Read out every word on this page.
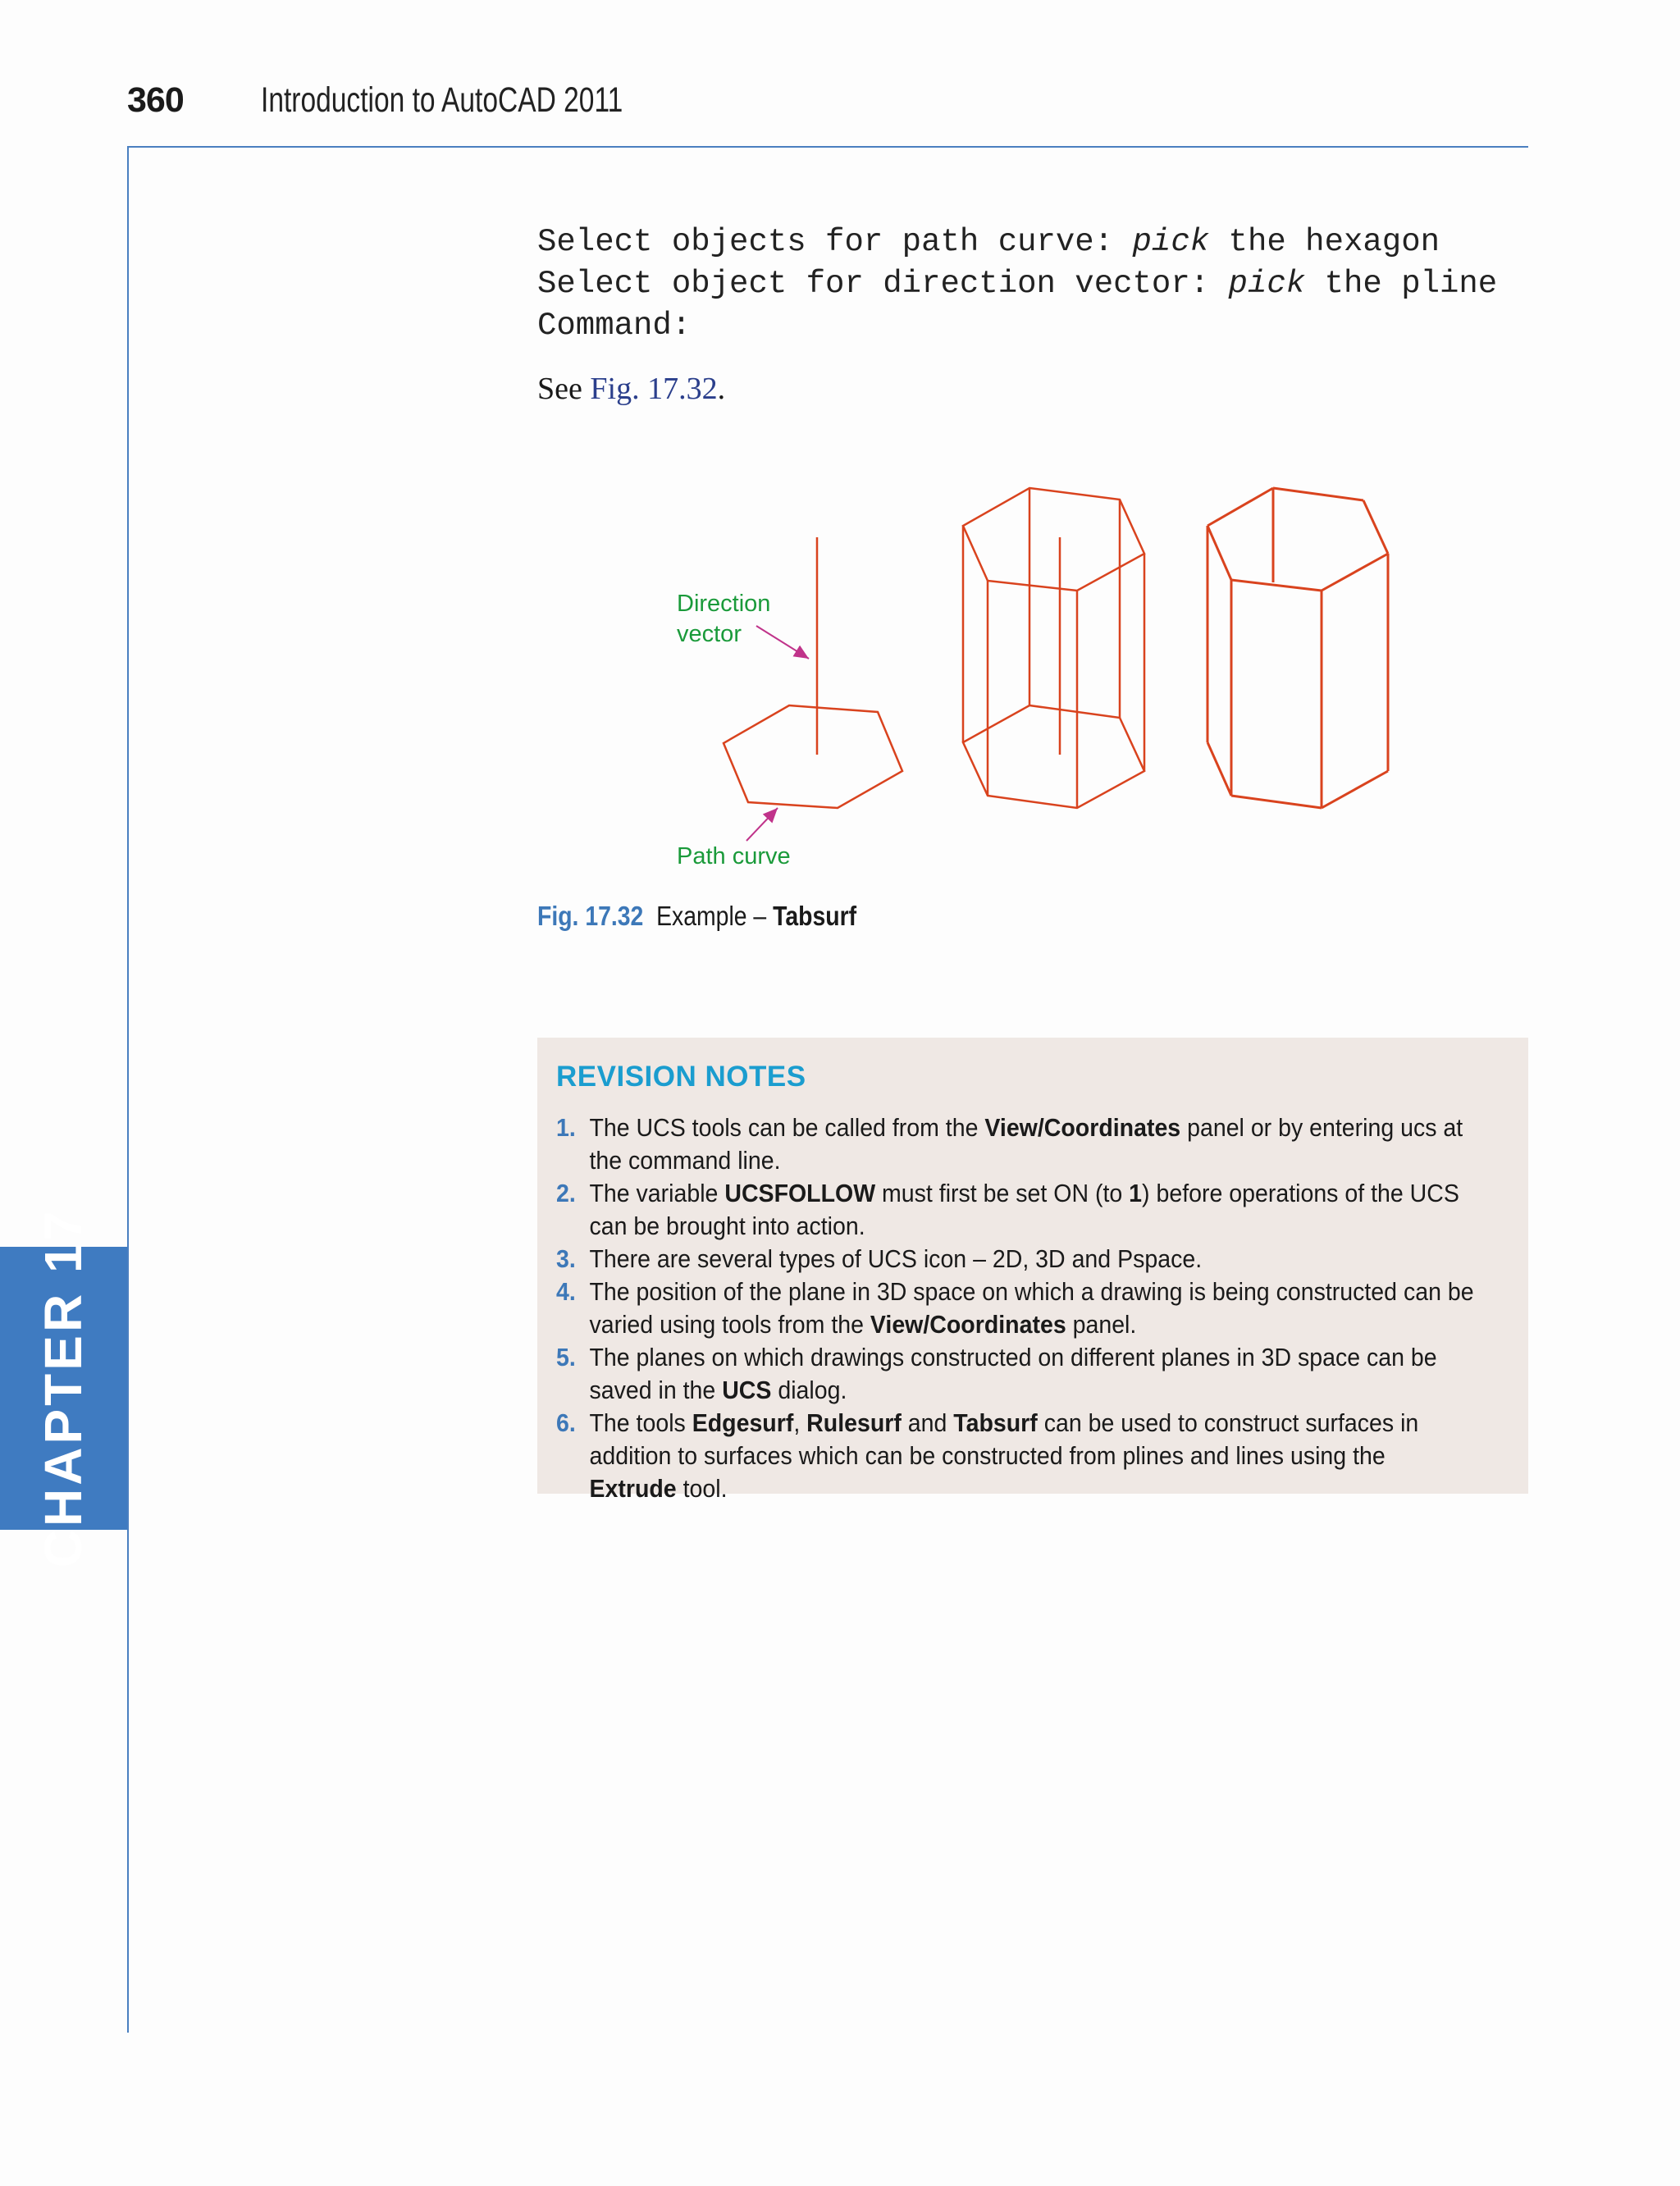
360 Introduction to AutoCAD 2011
CHAPTER 17
Select objects for path curve: pick the hexagon
Select object for direction vector: pick the pline
Command:
See Fig. 17.32.
Direction
vector
Path curve
Fig. 17.32 Example – Tabsurf
REVISION NOTES
1. The UCS tools can be called from the View/Coordinates panel or by entering ucs at the command line.
2. The variable UCSFOLLOW must first be set ON (to 1) before operations of the UCS can be brought into action.
3. There are several types of UCS icon – 2D, 3D and Pspace.
4. The position of the plane in 3D space on which a drawing is being constructed can be varied using tools from the View/Coordinates panel.
5. The planes on which drawings constructed on different planes in 3D space can be saved in the UCS dialog.
6. The tools Edgesurf, Rulesurf and Tabsurf can be used to construct surfaces in addition to surfaces which can be constructed from plines and lines using the Extrude tool.
